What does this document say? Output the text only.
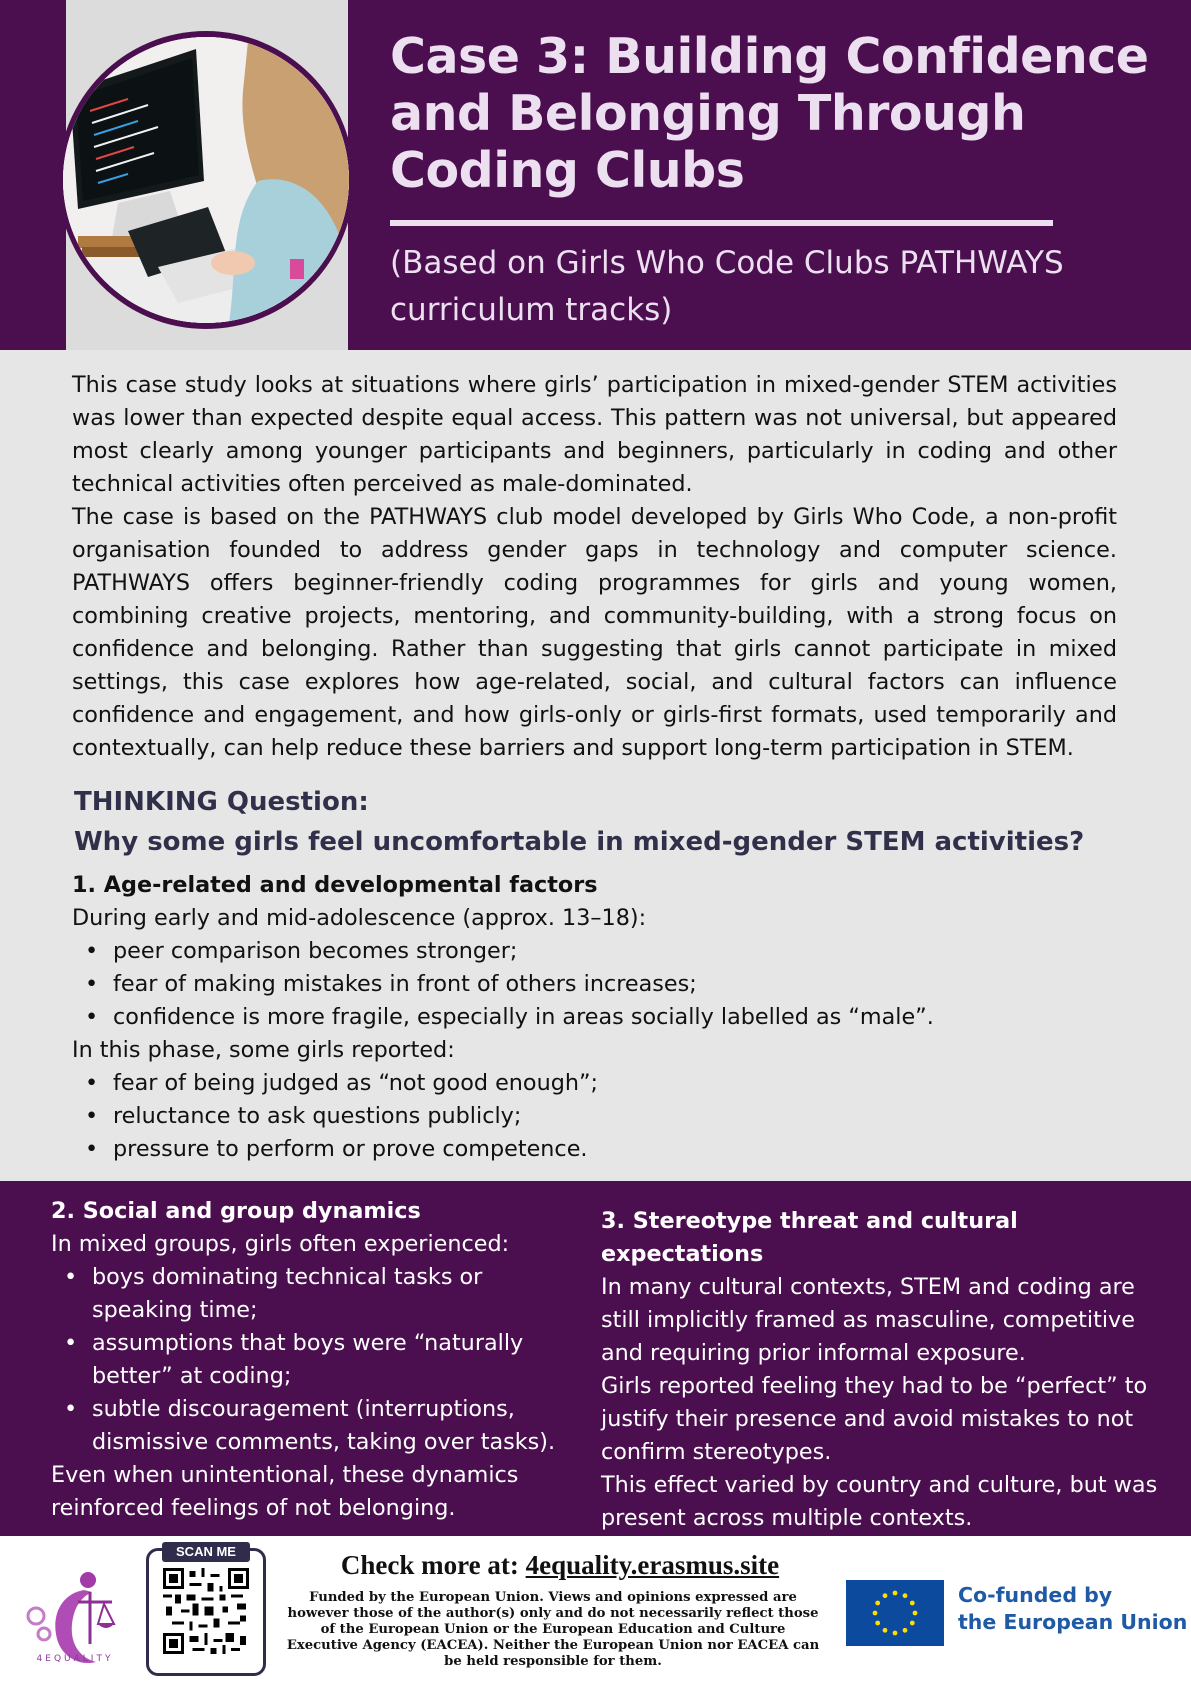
Case 3: Building Confidence and Belonging Through Coding Clubs
(Based on Girls Who Code Clubs PATHWAYS curriculum tracks)

This case study looks at situations where girls’ participation in mixed-gender STEM activities was lower than expected despite equal access. This pattern was not universal, but appeared most clearly among younger participants and beginners, particularly in coding and other technical activities often perceived as male-dominated.

The case is based on the PATHWAYS club model developed by Girls Who Code, a non-profit organisation founded to address gender gaps in technology and computer science. PATHWAYS offers beginner-friendly coding programmes for girls and young women, combining creative projects, mentoring, and community-building, with a strong focus on confidence and belonging. Rather than suggesting that girls cannot participate in mixed settings, this case explores how age-related, social, and cultural factors can influence confidence and engagement, and how girls-only or girls-first formats, used temporarily and contextually, can help reduce these barriers and support long-term participation in STEM.

THINKING Question:
Why some girls feel uncomfortable in mixed-gender STEM activities?
1. Age-related and developmental factors
During early and mid-adolescence (approx. 13–18):
• peer comparison becomes stronger;
• fear of making mistakes in front of others increases;
• confidence is more fragile, especially in areas socially labelled as “male”.
In this phase, some girls reported:
• fear of being judged as “not good enough”;
• reluctance to ask questions publicly;
• pressure to perform or prove competence.
2. Social and group dynamics
In mixed groups, girls often experienced:
• boys dominating technical tasks or speaking time;
• assumptions that boys were “naturally better” at coding;
• subtle discouragement (interruptions, dismissive comments, taking over tasks).
Even when unintentional, these dynamics reinforced feelings of not belonging.
3. Stereotype threat and cultural expectations
In many cultural contexts, STEM and coding are still implicitly framed as masculine, competitive and requiring prior informal exposure.
Girls reported feeling they had to be “perfect” to justify their presence and avoid mistakes to not confirm stereotypes.
This effect varied by country and culture, but was present across multiple contexts.
4EQUALITY
SCAN ME	Check more at: 4equality.erasmus.site
Funded by the European Union. Views and opinions expressed are however those of the author(s) only and do not necessarily reflect those of the European Union or the European Education and Culture Executive Agency (EACEA). Neither the European Union nor EACEA can be held responsible for them.
Co-funded by
the European Union
